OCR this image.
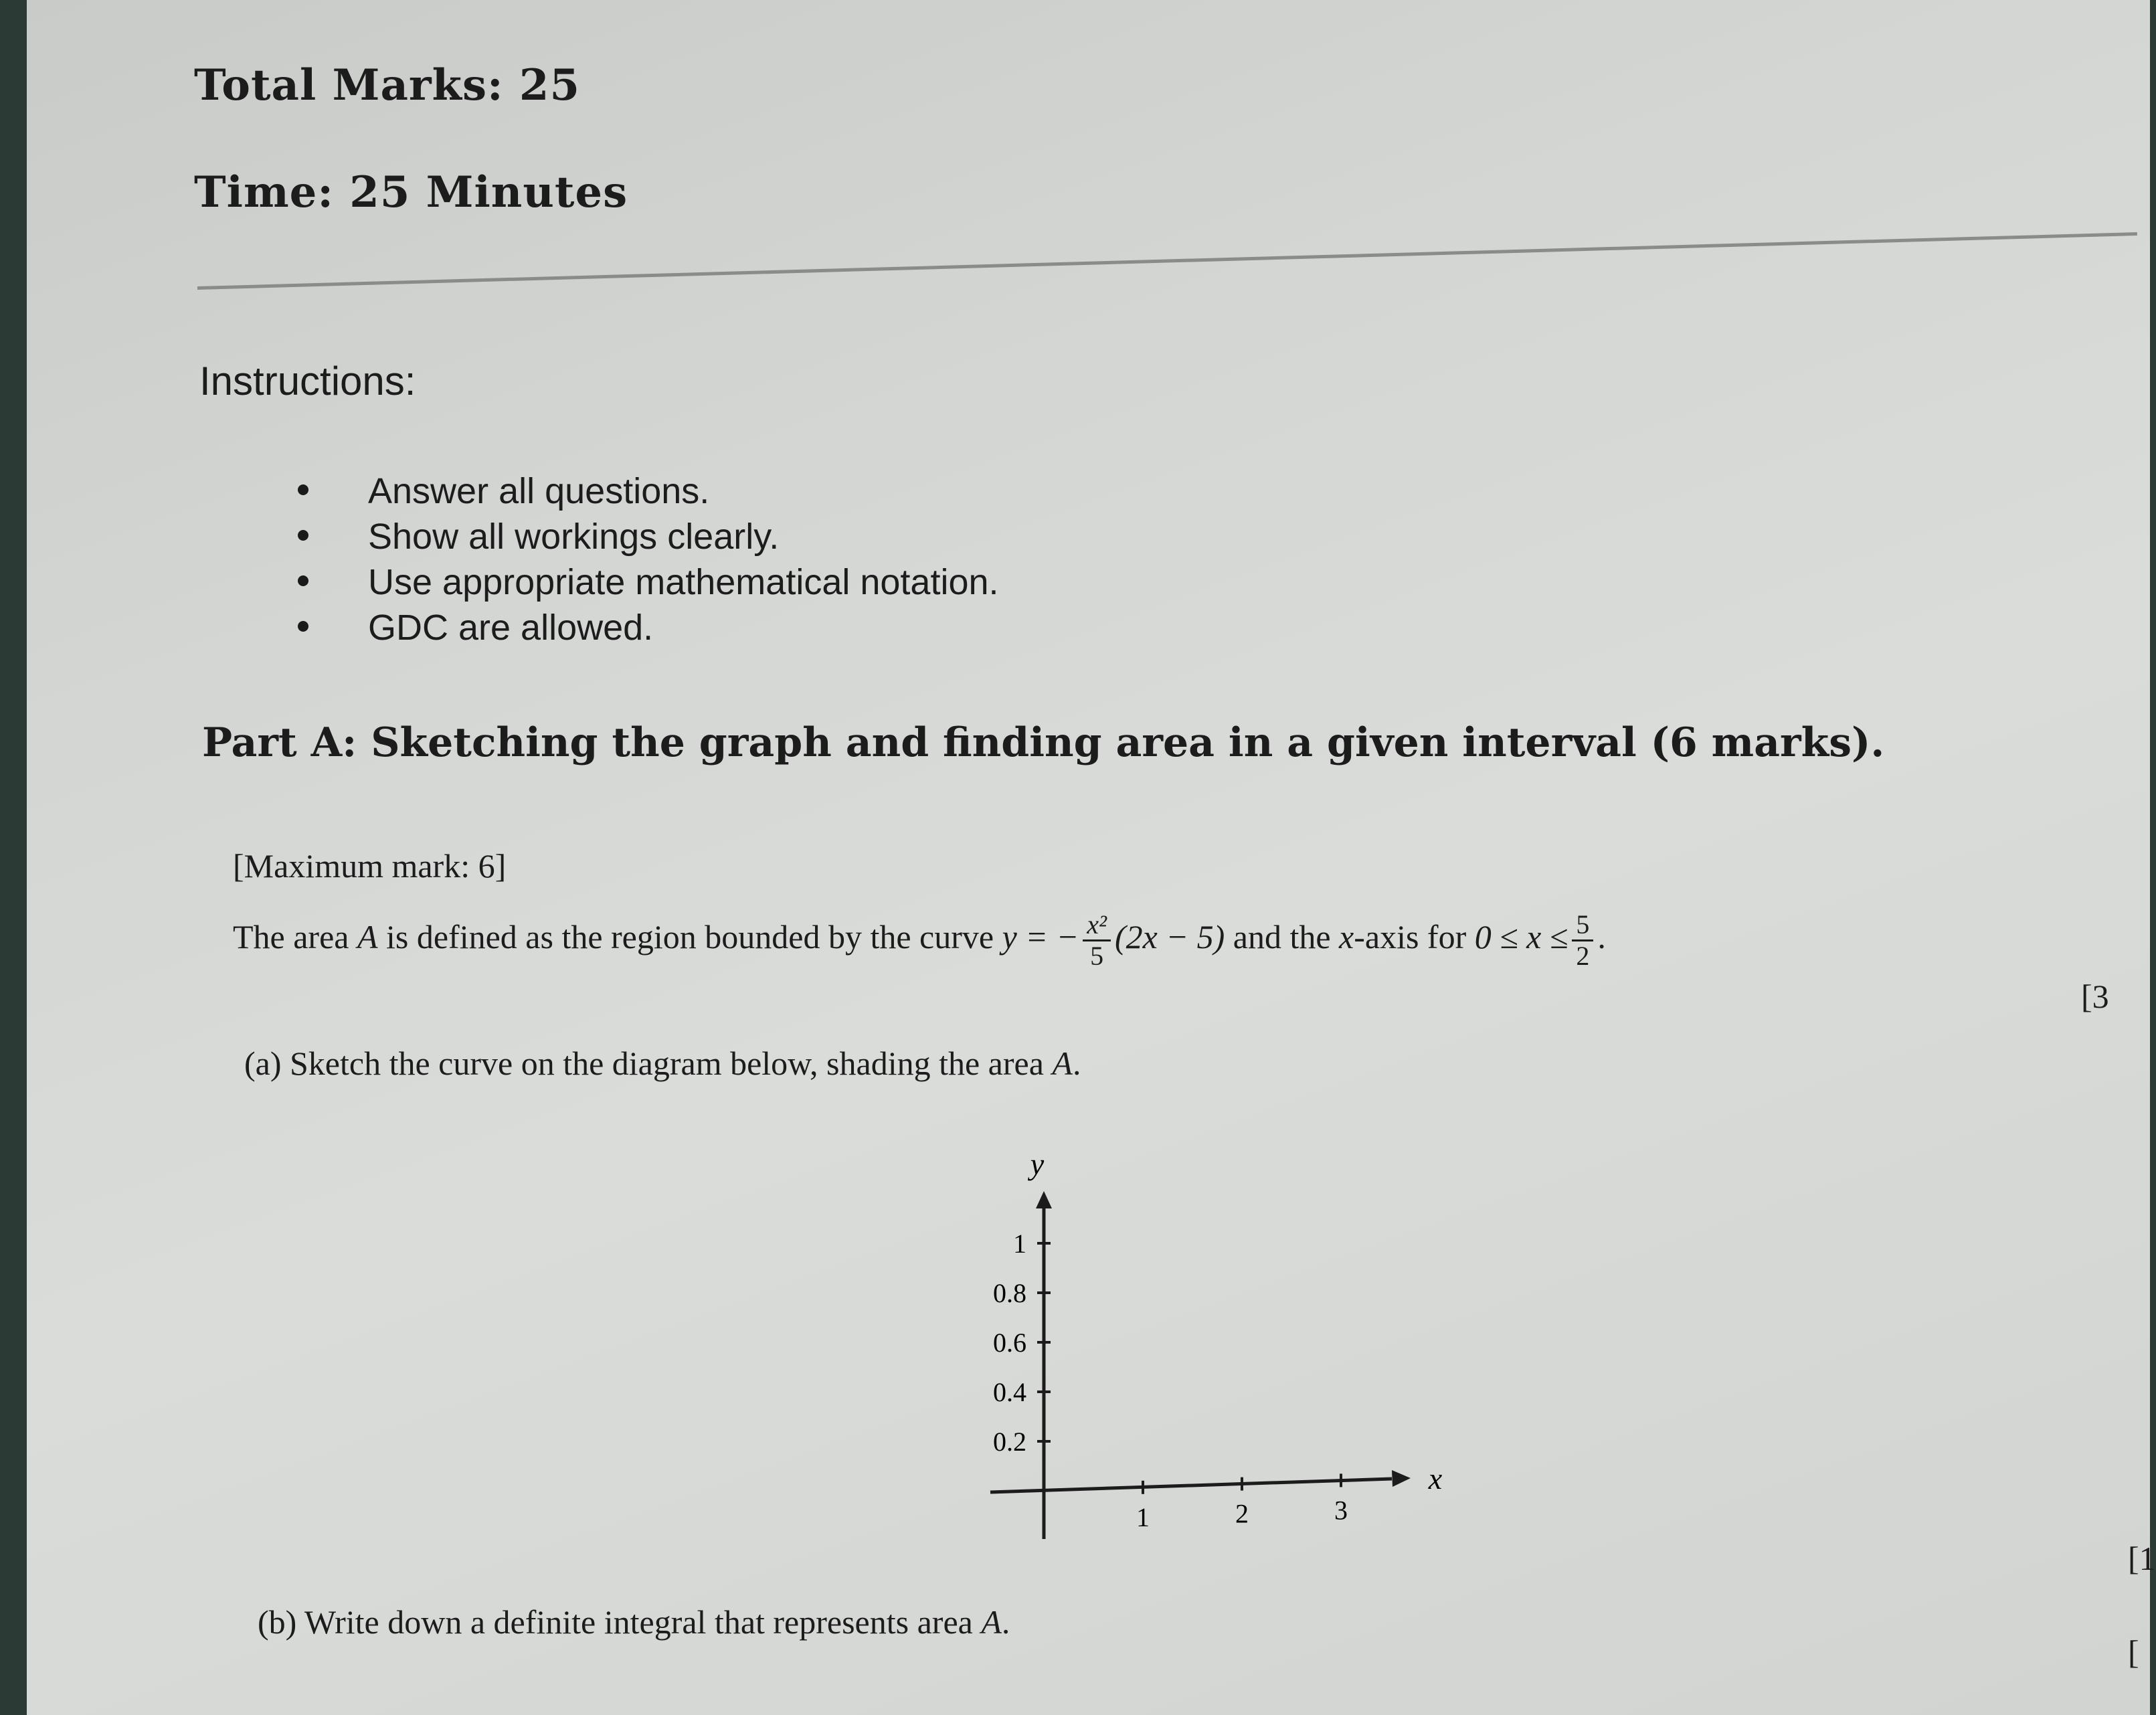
Total Marks: 25
Time: 25 Minutes
Instructions:
Answer all questions.
Show all workings clearly.
Use appropriate mathematical notation.
GDC are allowed.
Part A: Sketching the graph and finding area in a given interval (6 marks).
[Maximum mark: 6]
The area A is defined as the region bounded by the curve y = − $\frac{\text{x²}}{5} (2x - 5)$ and the x-axis for $0 \le x \le \frac{5}{2}$ .
[3
(a) Sketch the curve on the diagram below, shading the area A.
y
x
0.2
0.4
0.6
0.8
1
1	2	3
[1
(b) Write down a definite integral that represents area A.
[
